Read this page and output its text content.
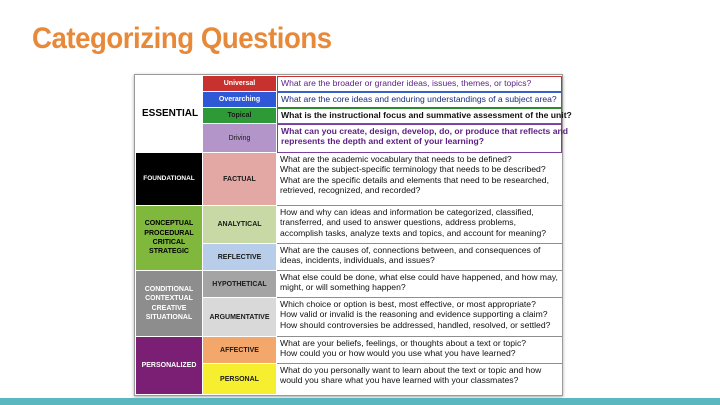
Categorizing Questions
ESSENTIAL
FOUNDATIONAL
CONCEPTUAL PROCEDURAL CRITICAL STRATEGIC
CONDITIONAL CONTEXTUAL CREATIVE SITUATIONAL
PERSONALIZED
Universal
Overarching
Topical
Driving
FACTUAL
ANALYTICAL
REFLECTIVE
HYPOTHETICAL
ARGUMENTATIVE
AFFECTIVE
PERSONAL
What are the broader or grander ideas, issues, themes, or topics?
What are the core ideas and enduring understandings of a subject area?
What is the instructional focus and summative assessment of the unit?
What can you create, design, develop, do, or produce that reflects and
represents the depth and extent of your learning?
What are the academic vocabulary that needs to be defined?
What are the subject-specific terminology that needs to be described?
What are the specific details and elements that need to be researched,
retrieved, recognized, and recorded?
How and why can ideas and information be categorized, classified,
transferred, and used to answer questions, address problems,
accomplish tasks, analyze texts and topics, and account for meaning?
What are the causes of, connections between, and consequences of
ideas, incidents, individuals, and issues?
What else could be done, what else could have happened, and how may,
might, or will something happen?
Which choice or option is best, most effective, or most appropriate?
How valid or invalid is the reasoning and evidence supporting a claim?
How should controversies be addressed, handled, resolved, or settled?
What are your beliefs, feelings, or thoughts about a text or topic?
How could you or how would you use what you have learned?
What do you personally want to learn about the text or topic and how
would you share what you have learned with your classmates?
